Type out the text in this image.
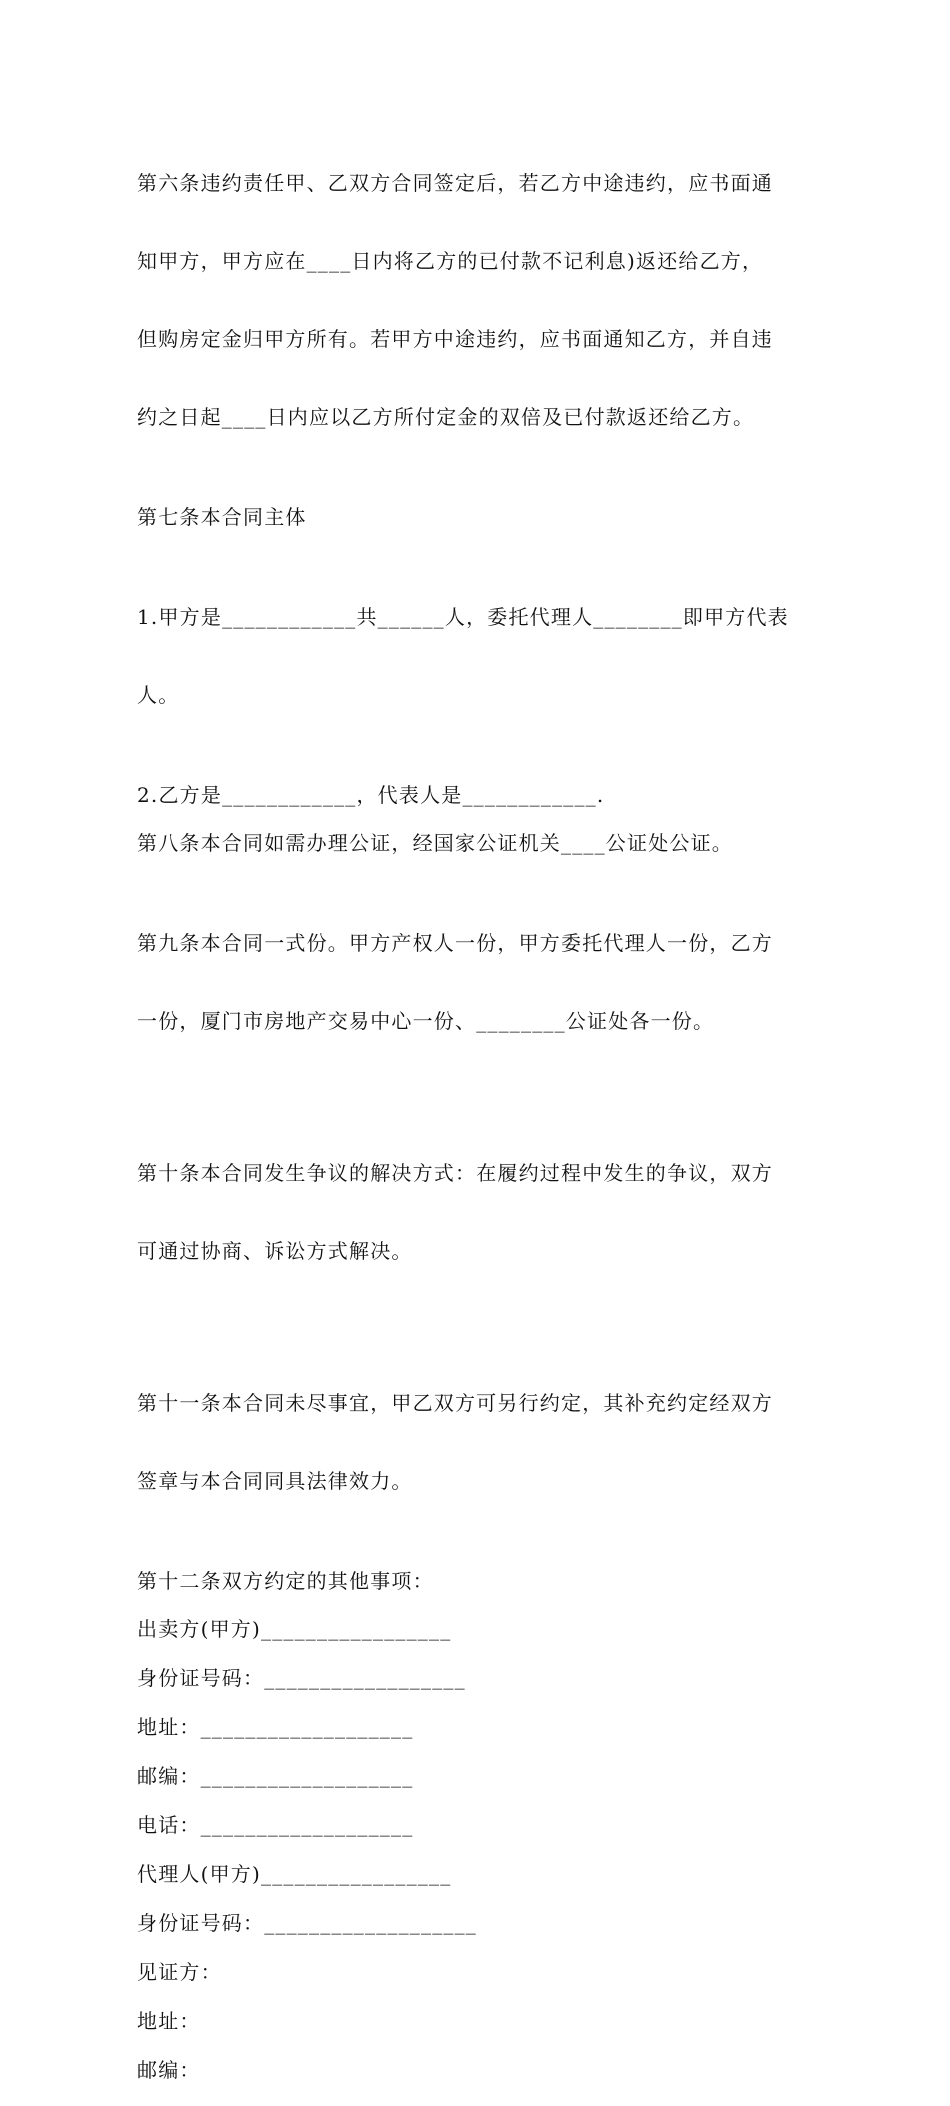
第六条违约责任甲、乙双方合同签定后，若乙方中途违约，应书面通

知甲方，甲方应在____日内将乙方的已付款不记利息)返还给乙方，

但购房定金归甲方所有。若甲方中途违约，应书面通知乙方，并自违

约之日起____日内应以乙方所付定金的双倍及已付款返还给乙方。

第七条本合同主体

1.甲方是____________共______人，委托代理人________即甲方代表

人。

2.乙方是____________，代表人是____________.

第八条本合同如需办理公证，经国家公证机关____公证处公证。

第九条本合同一式份。甲方产权人一份，甲方委托代理人一份，乙方

一份，厦门市房地产交易中心一份、________公证处各一份。

第十条本合同发生争议的解决方式：在履约过程中发生的争议，双方

可通过协商、诉讼方式解决。

第十一条本合同未尽事宜，甲乙双方可另行约定，其补充约定经双方

签章与本合同同具法律效力。

第十二条双方约定的其他事项：

出卖方(甲方)_________________
身份证号码：__________________
地址：___________________
邮编：___________________
电话：___________________
代理人(甲方)_________________
身份证号码：___________________
见证方：
地址：
邮编：
